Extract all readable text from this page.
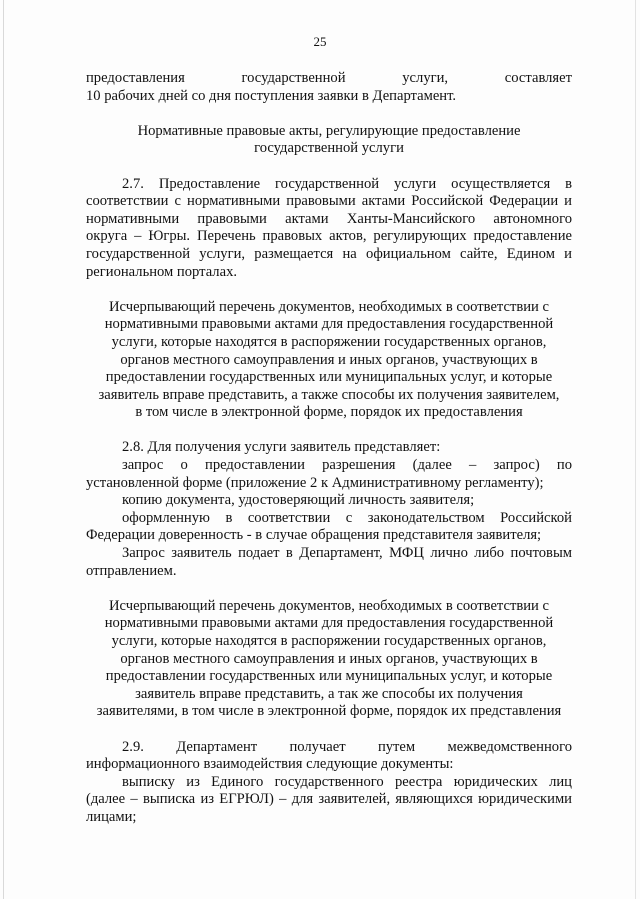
25
предоставления государственной услуги, составляет
10 рабочих дней со дня поступления заявки в Департамент.
Нормативные правовые акты, регулирующие предоставление
государственной услуги
2.7. Предоставление государственной услуги осуществляется в
соответствии с нормативными правовыми актами Российской Федерации и
нормативными правовыми актами Ханты-Мансийского автономного
округа – Югры. Перечень правовых актов, регулирующих предоставление
государственной услуги, размещается на официальном сайте, Едином и
региональном порталах.
Исчерпывающий перечень документов, необходимых в соответствии с
нормативными правовыми актами для предоставления государственной
услуги, которые находятся в распоряжении государственных органов,
органов местного самоуправления и иных органов, участвующих в
предоставлении государственных или муниципальных услуг, и которые
заявитель вправе представить, а также способы их получения заявителем,
в том числе в электронной форме, порядок их предоставления
2.8. Для получения услуги заявитель представляет:
запрос о предоставлении разрешения (далее – запрос) по
установленной форме (приложение 2 к Административному регламенту);
копию документа, удостоверяющий личность заявителя;
оформленную в соответствии с законодательством Российской
Федерации доверенность - в случае обращения представителя заявителя;
Запрос заявитель подает в Департамент, МФЦ лично либо почтовым
отправлением.
Исчерпывающий перечень документов, необходимых в соответствии с
нормативными правовыми актами для предоставления государственной
услуги, которые находятся в распоряжении государственных органов,
органов местного самоуправления и иных органов, участвующих в
предоставлении государственных или муниципальных услуг, и которые
заявитель вправе представить, а так же способы их получения
заявителями, в том числе в электронной форме, порядок их представления
2.9. Департамент получает путем межведомственного
информационного взаимодействия следующие документы:
выписку из Единого государственного реестра юридических лиц
(далее – выписка из ЕГРЮЛ) – для заявителей, являющихся юридическими
лицами;
